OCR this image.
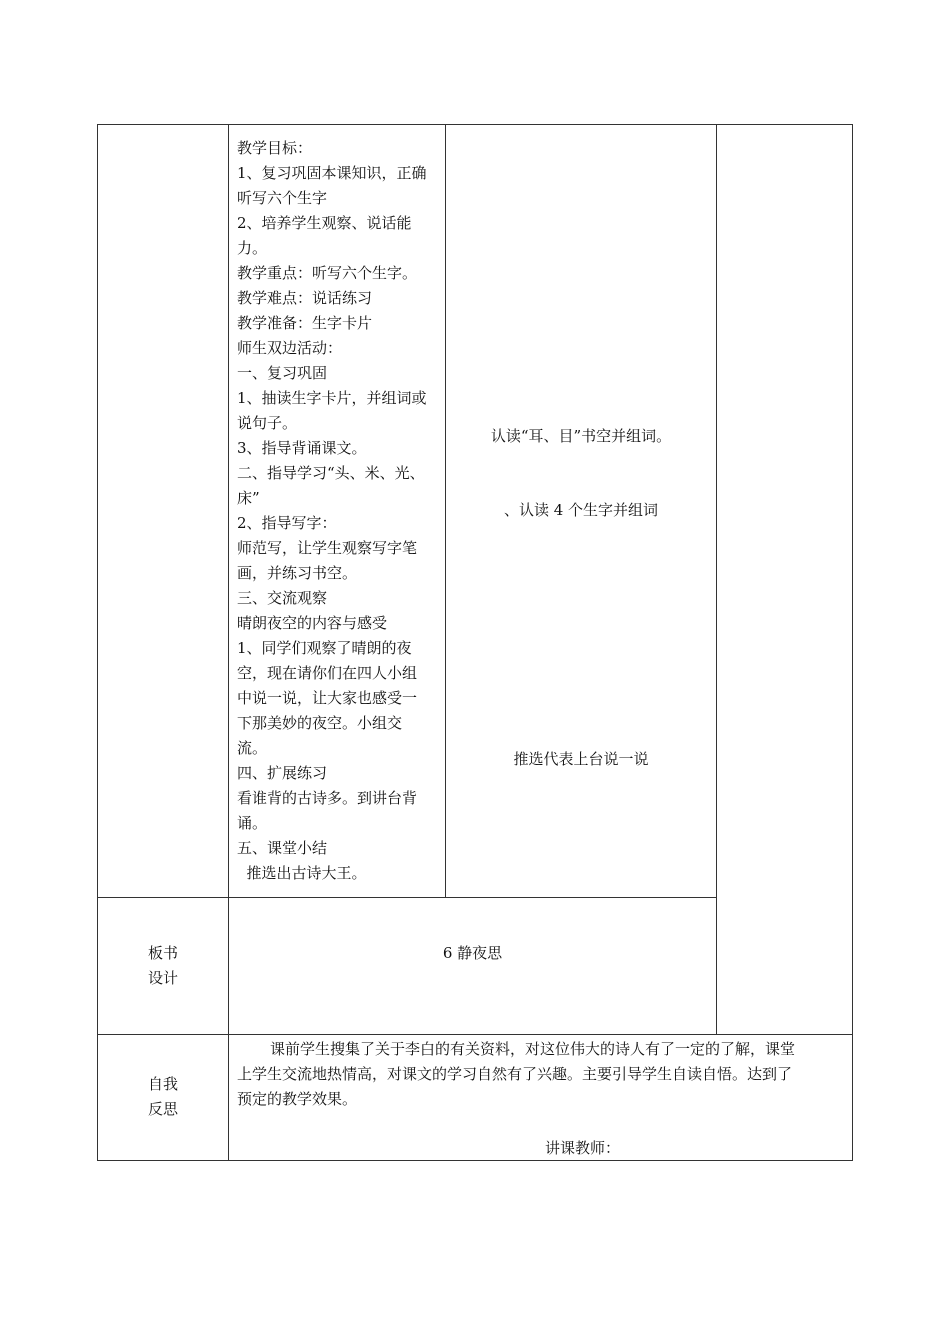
教学目标：
1、复习巩固本课知识，正确
听写六个生字
2、培养学生观察、说话能
力。
教学重点：听写六个生字。
教学难点：说话练习
教学准备：生字卡片
师生双边活动：
一、复习巩固
1、抽读生字卡片，并组词或
说句子。
3、指导背诵课文。
二、指导学习“头、米、光、
床”
2、指导写字：
师范写，让学生观察写字笔
画，并练习书空。
三、交流观察
晴朗夜空的内容与感受
1、同学们观察了晴朗的夜
空，现在请你们在四人小组
中说一说，让大家也感受一
下那美妙的夜空。小组交
流。
四、扩展练习
看谁背的古诗多。到讲台背
诵。
五、课堂小结
推选出古诗大王。
认读“耳、目”书空并组词。
、认读 4 个生字并组词
推选代表上台说一说
板书
设计
6 静夜思
自我
反思
课前学生搜集了关于李白的有关资料，对这位伟大的诗人有了一定的了解，课堂
上学生交流地热情高，对课文的学习自然有了兴趣。主要引导学生自读自悟。达到了
预定的教学效果。
讲课教师：
